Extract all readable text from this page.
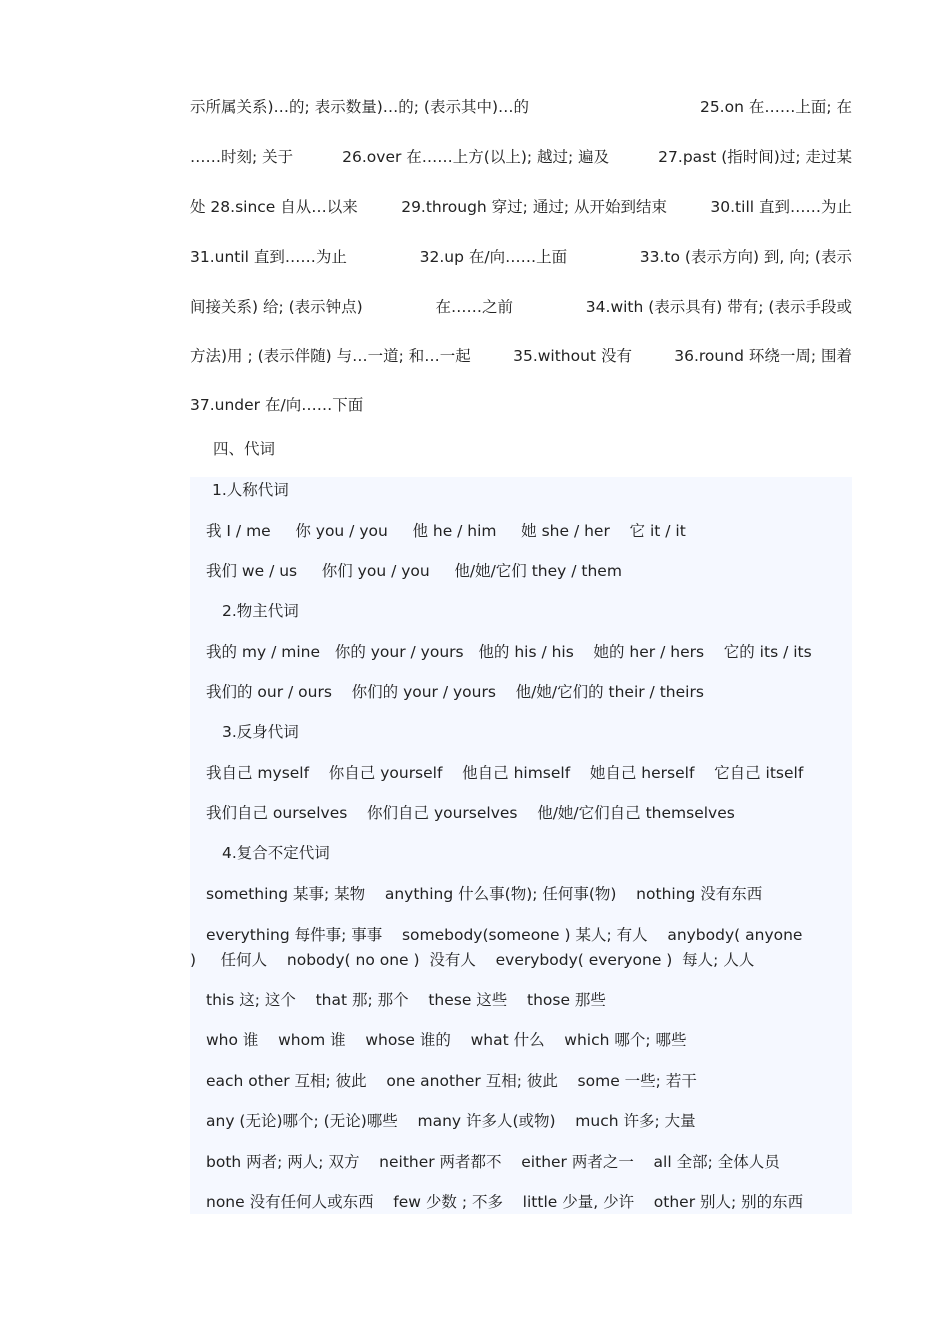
示所属关系)…的; 表示数量)…的; (表示其中)…的	25.on 在……上面; 在
……时刻; 关于	26.over 在……上方(以上); 越过; 遍及	27.past (指时间)过; 走过某
处 28.since 自从…以来	29.through 穿过; 通过; 从开始到结束	30.till 直到……为止
31.until 直到……为止	32.up 在/向……上面	33.to (表示方向) 到, 向; (表示
间接关系) 给; (表示钟点)	在……之前	34.with (表示具有) 带有; (表示手段或
方法)用 ; (表示伴随) 与…一道; 和…一起	35.without 没有	36.round 环绕一周; 围着
37.under 在/向……下面
四、代词
1.人称代词
我 I / me     你 you / you     他 he / him     她 she / her    它 it / it
我们 we / us     你们 you / you     他/她/它们 they / them
2.物主代词
我的 my / mine   你的 your / yours   他的 his / his    她的 her / hers    它的 its / its
我们的 our / ours    你们的 your / yours    他/她/它们的 their / theirs
3.反身代词
我自己 myself    你自己 yourself    他自己 himself    她自己 herself    它自己 itself
我们自己 ourselves    你们自己 yourselves    他/她/它们自己 themselves
4.复合不定代词
something 某事; 某物    anything 什么事(物); 任何事(物)    nothing 没有东西
everything 每件事; 事事    somebody(someone ) 某人; 有人    anybody( anyone
)     任何人    nobody( no one )  没有人    everybody( everyone )  每人; 人人
this 这; 这个    that 那; 那个    these 这些    those 那些
who 谁    whom 谁    whose 谁的    what 什么    which 哪个; 哪些
each other 互相; 彼此    one another 互相; 彼此    some 一些; 若干
any (无论)哪个; (无论)哪些    many 许多人(或物)    much 许多; 大量
both 两者; 两人; 双方    neither 两者都不    either 两者之一    all 全部; 全体人员
none 没有任何人或东西    few 少数 ; 不多    little 少量, 少许    other 别人; 别的东西
